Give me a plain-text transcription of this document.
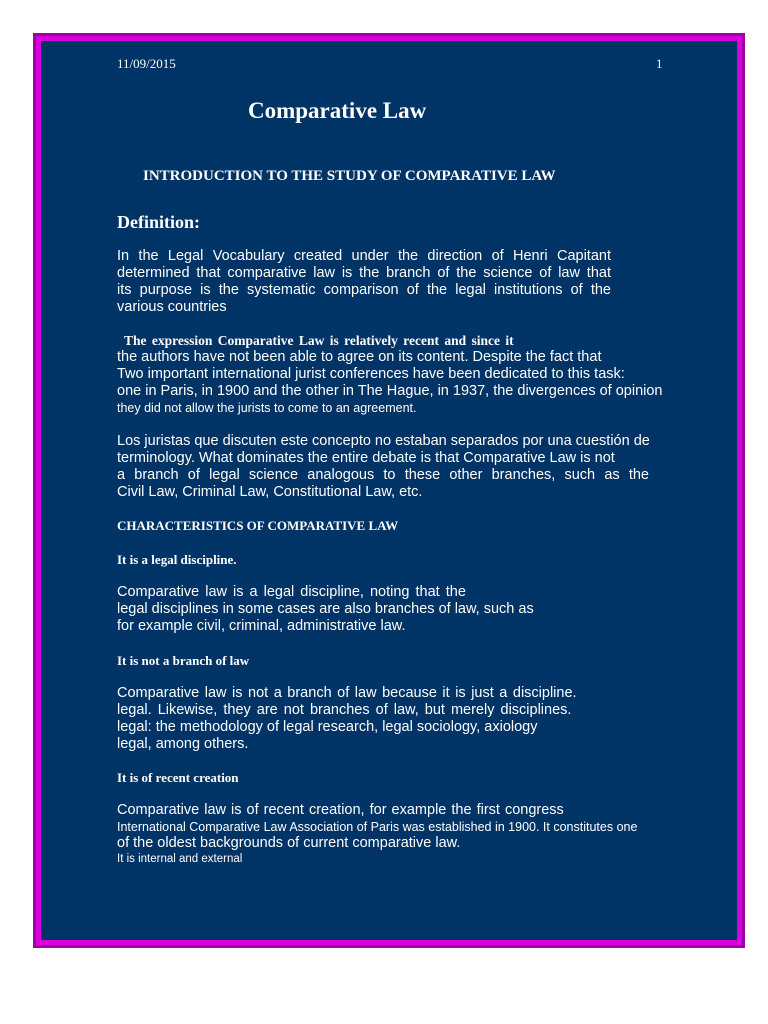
11/09/2015	1
Comparative Law
INTRODUCTION TO THE STUDY OF COMPARATIVE LAW
Definition:
In the Legal Vocabulary created under the direction of Henri Capitant
determined that comparative law is the branch of the science of law that
its purpose is the systematic comparison of the legal institutions of the
various countries
The expression Comparative Law is relatively recent and since it
the authors have not been able to agree on its content. Despite the fact that
Two important international jurist conferences have been dedicated to this task:
one in Paris, in 1900 and the other in The Hague, in 1937, the divergences of opinion
they did not allow the jurists to come to an agreement.
Los juristas que discuten este concepto no estaban separados por una cuestión de
terminology. What dominates the entire debate is that Comparative Law is not
a branch of legal science analogous to these other branches, such as the
Civil Law, Criminal Law, Constitutional Law, etc.
CHARACTERISTICS OF COMPARATIVE LAW
It is a legal discipline.
Comparative law is a legal discipline, noting that the
legal disciplines in some cases are also branches of law, such as
for example civil, criminal, administrative law.
It is not a branch of law
Comparative law is not a branch of law because it is just a discipline.
legal. Likewise, they are not branches of law, but merely disciplines.
legal: the methodology of legal research, legal sociology, axiology
legal, among others.
It is of recent creation
Comparative law is of recent creation, for example the first congress
International Comparative Law Association of Paris was established in 1900. It constitutes one
of the oldest backgrounds of current comparative law.
It is internal and external
